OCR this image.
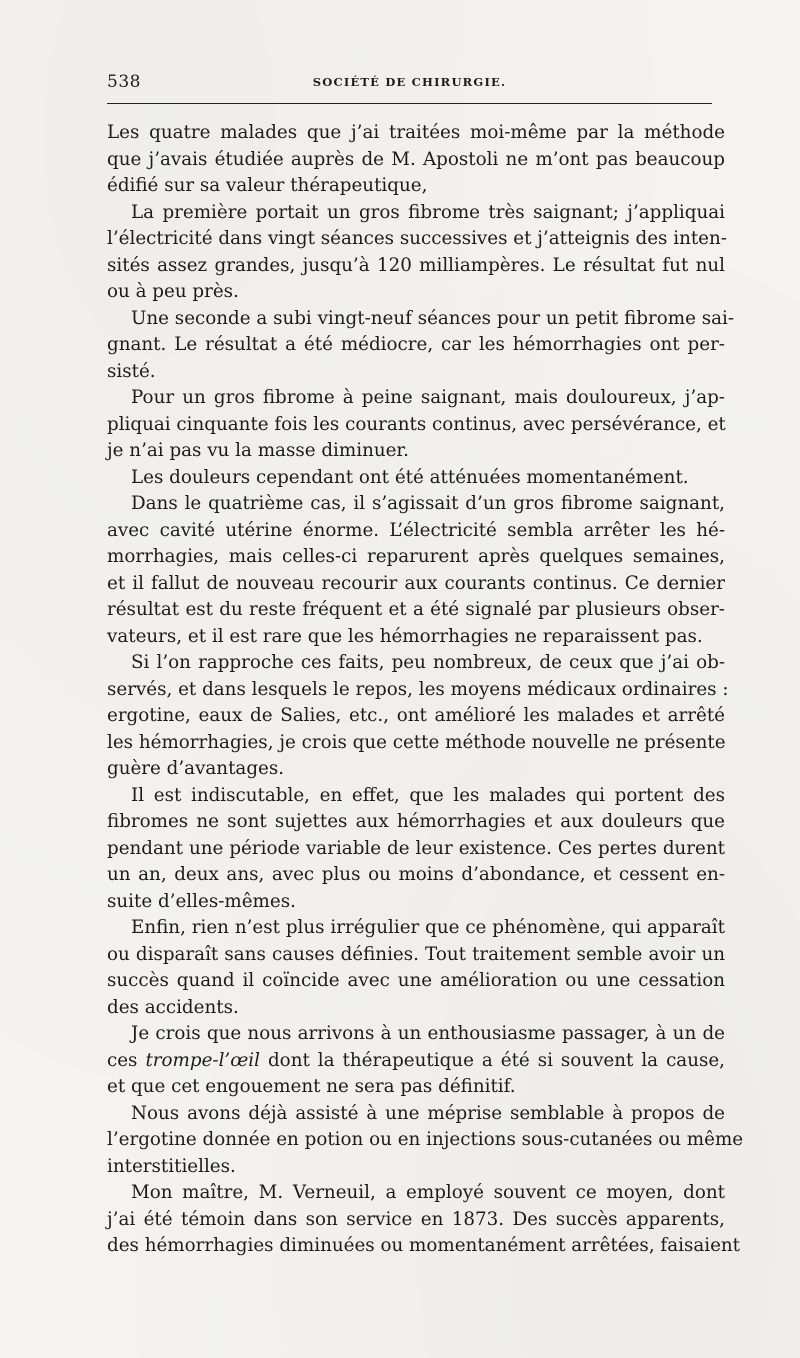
538	SOCIÉTÉ DE CHIRURGIE.
Les quatre malades que j’ai traitées moi-même par la méthode
que j’avais étudiée auprès de M. Apostoli ne m’ont pas beaucoup
édifié sur sa valeur thérapeutique,
La première portait un gros fibrome très saignant; j’appliquai
l’électricité dans vingt séances successives et j’atteignis des inten-
sités assez grandes, jusqu’à 120 milliampères. Le résultat fut nul
ou à peu près.
Une seconde a subi vingt-neuf séances pour un petit fibrome sai-
gnant. Le résultat a été médiocre, car les hémorrhagies ont per-
sisté.
Pour un gros fibrome à peine saignant, mais douloureux, j’ap-
pliquai cinquante fois les courants continus, avec persévérance, et
je n’ai pas vu la masse diminuer.
Les douleurs cependant ont été atténuées momentanément.
Dans le quatrième cas, il s’agissait d’un gros fibrome saignant,
avec cavité utérine énorme. L’électricité sembla arrêter les hé-
morrhagies, mais celles-ci reparurent après quelques semaines,
et il fallut de nouveau recourir aux courants continus. Ce dernier
résultat est du reste fréquent et a été signalé par plusieurs obser-
vateurs, et il est rare que les hémorrhagies ne reparaissent pas.
Si l’on rapproche ces faits, peu nombreux, de ceux que j’ai ob-
servés, et dans lesquels le repos, les moyens médicaux ordinaires :
ergotine, eaux de Salies, etc., ont amélioré les malades et arrêté
les hémorrhagies, je crois que cette méthode nouvelle ne présente
guère d’avantages.
Il est indiscutable, en effet, que les malades qui portent des
fibromes ne sont sujettes aux hémorrhagies et aux douleurs que
pendant une période variable de leur existence. Ces pertes durent
un an, deux ans, avec plus ou moins d’abondance, et cessent en-
suite d’elles-mêmes.
Enfin, rien n’est plus irrégulier que ce phénomène, qui apparaît
ou disparaît sans causes définies. Tout traitement semble avoir un
succès quand il coïncide avec une amélioration ou une cessation
des accidents.
Je crois que nous arrivons à un enthousiasme passager, à un de
ces trompe-l’œil dont la thérapeutique a été si souvent la cause,
et que cet engouement ne sera pas définitif.
Nous avons déjà assisté à une méprise semblable à propos de
l’ergotine donnée en potion ou en injections sous-cutanées ou même
interstitielles.
Mon maître, M. Verneuil, a employé souvent ce moyen, dont
j’ai été témoin dans son service en 1873. Des succès apparents,
des hémorrhagies diminuées ou momentanément arrêtées, faisaient
